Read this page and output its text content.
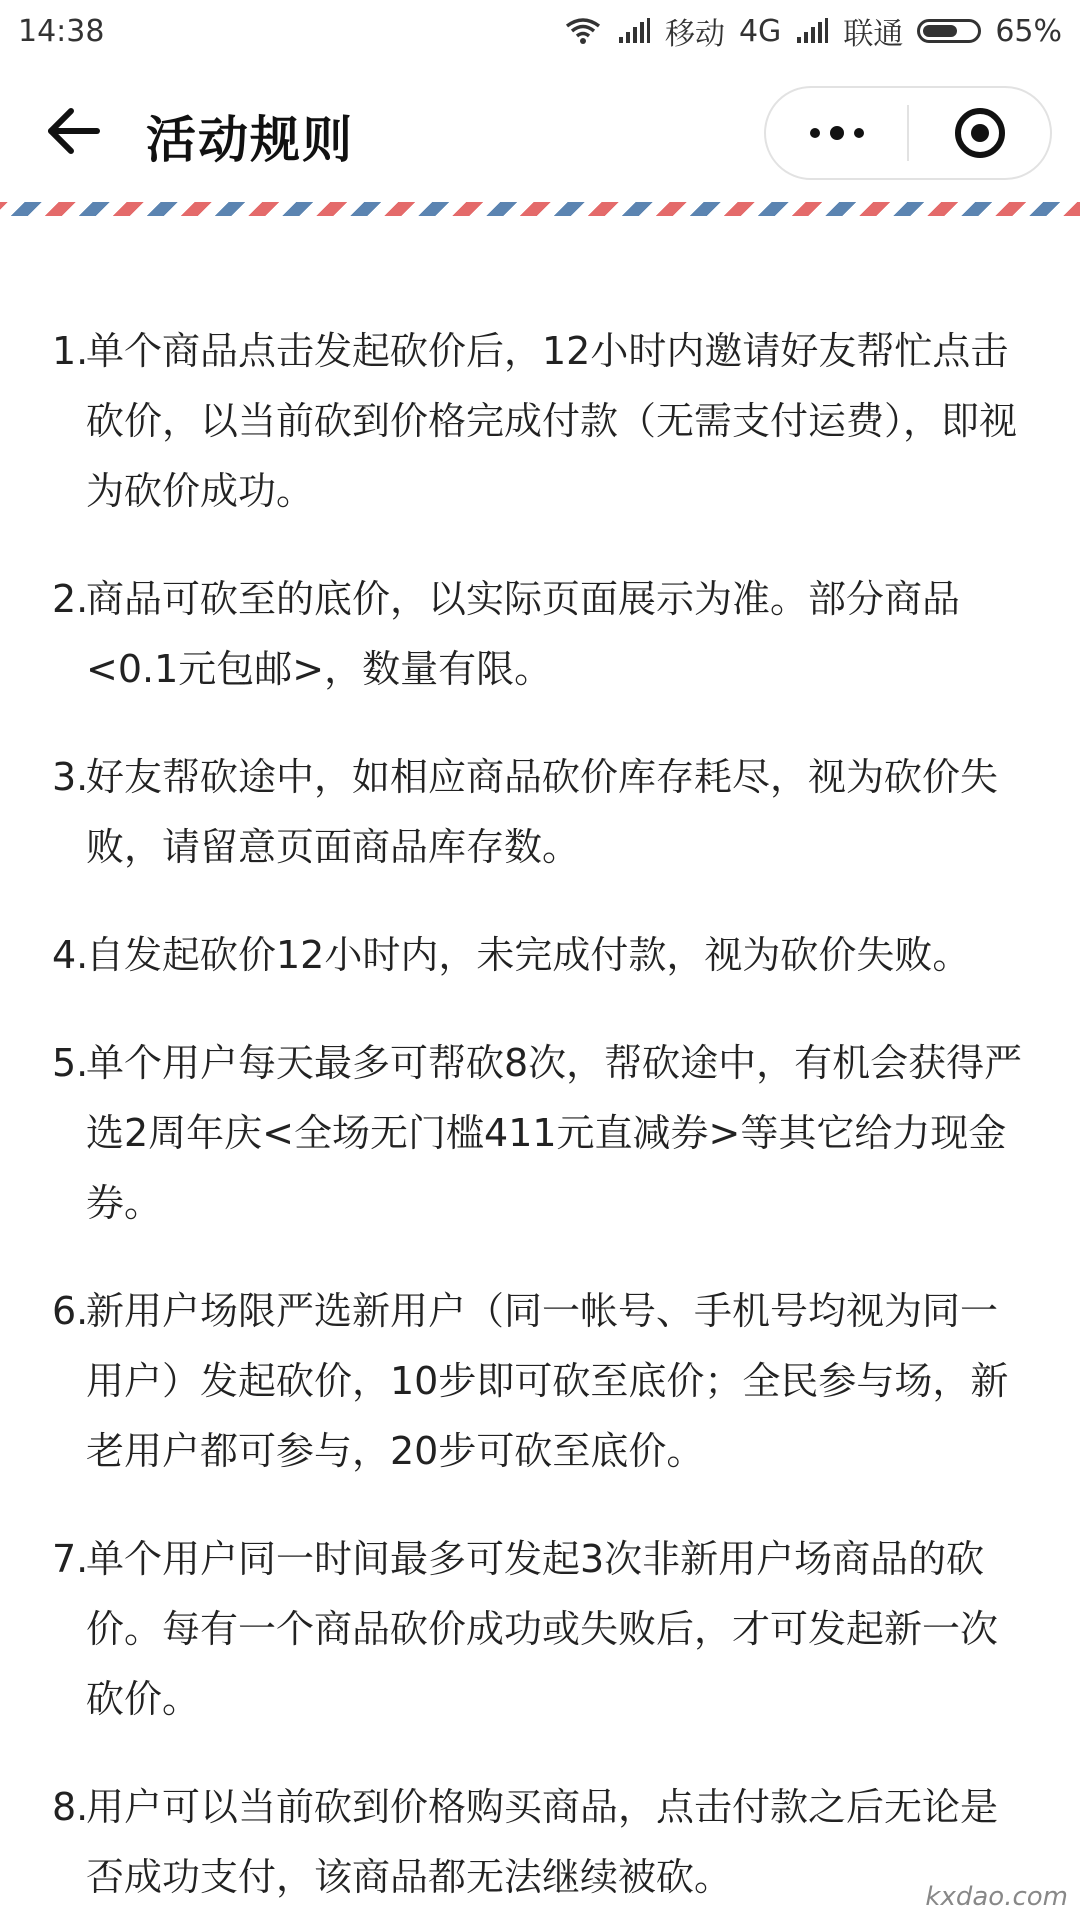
14:38	移动 4G 联通	65%
活动规则
1.
单个商品点击发起砍价后，12小时内邀请好友帮忙点击砍价，以当前砍到价格完成付款（无需支付运费），即视为砍价成功。
2.
商品可砍至的底价，以实际页面展示为准。部分商品<0.1元包邮>，数量有限。
3.
好友帮砍途中，如相应商品砍价库存耗尽，视为砍价失败，请留意页面商品库存数。
4.
自发起砍价12小时内，未完成付款，视为砍价失败。
5.
单个用户每天最多可帮砍8次，帮砍途中，有机会获得严选2周年庆<全场无门槛411元直减券>等其它给力现金券。
6.
新用户场限严选新用户（同一帐号、手机号均视为同一用户）发起砍价，10步即可砍至底价；全民参与场，新老用户都可参与，20步可砍至底价。
7.
单个用户同一时间最多可发起3次非新用户场商品的砍价。每有一个商品砍价成功或失败后，才可发起新一次砍价。
8.
用户可以当前砍到价格购买商品，点击付款之后无论是否成功支付，该商品都无法继续被砍。	kxdao.com
